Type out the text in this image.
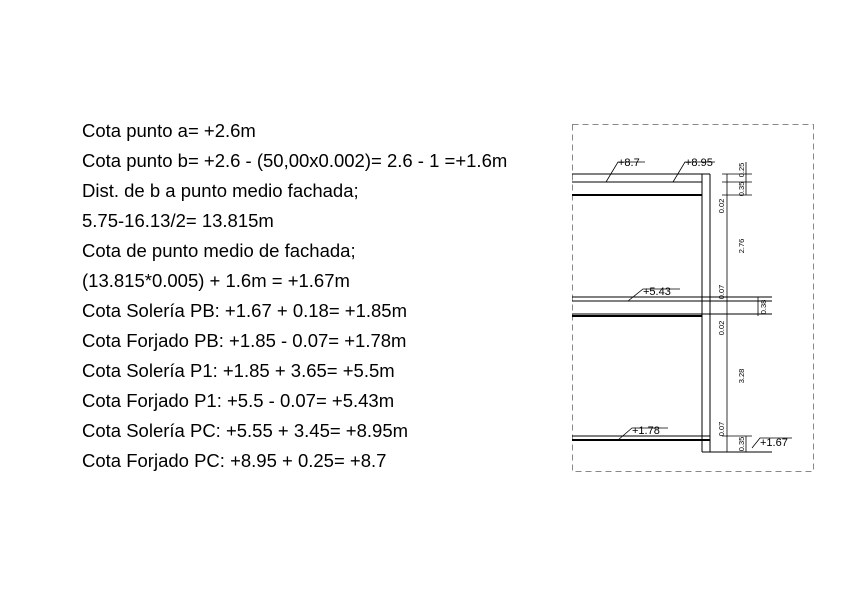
Cota punto a= +2.6m
Cota punto b= +2.6 - (50,00x0.002)= 2.6 - 1 =+1.6m
Dist. de b a punto medio fachada;
5.75-16.13/2= 13.815m
Cota de punto medio de fachada;
(13.815*0.005) + 1.6m = +1.67m
Cota Solería PB: +1.67 + 0.18= +1.85m
Cota Forjado PB: +1.85 - 0.07= +1.78m
Cota Solería P1: +1.85 + 3.65= +5.5m
Cota Forjado P1: +5.5 - 0.07= +5.43m
Cota Solería PC: +5.55 + 3.45= +8.95m
Cota Forjado PC: +8.95 + 0.25= +8.7
+8.7	+8.95
+5.43
+1.78
+1.67
0.25
0.35
0.02
2.76
0.07
0.38
0.02
3.28
0.07
0.35
